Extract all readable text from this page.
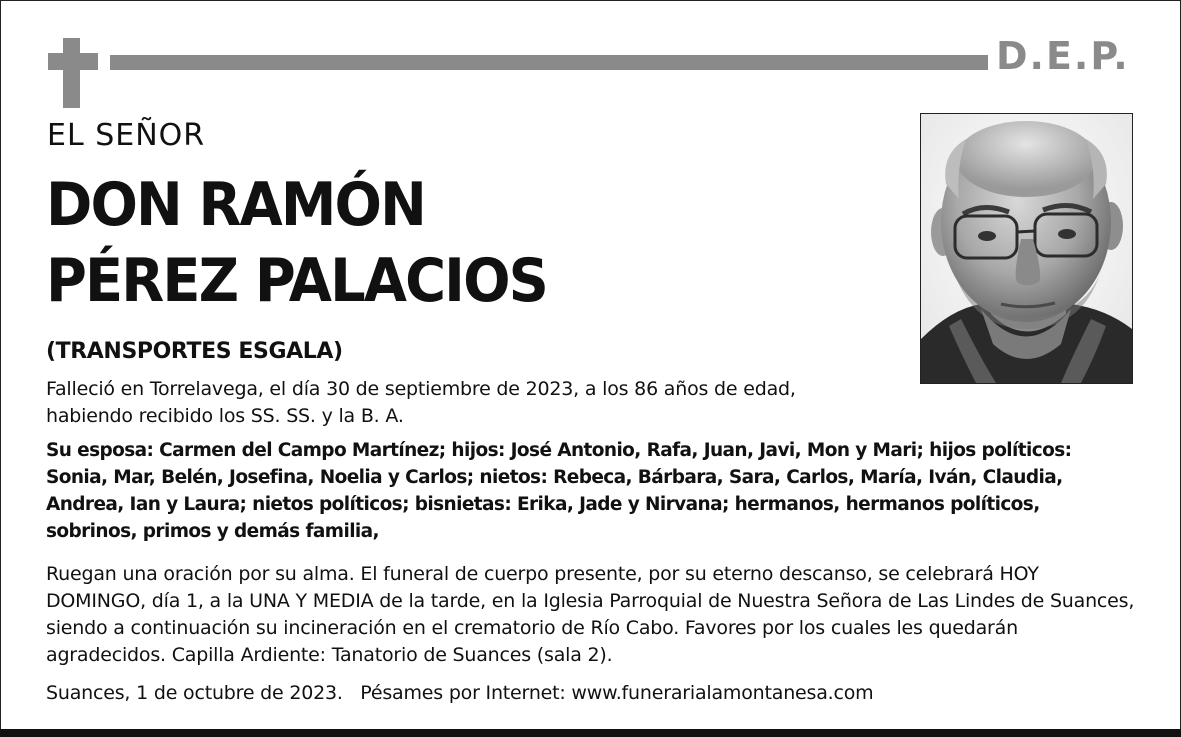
D.E.P.
EL SEÑOR
DON RAMÓN
PÉREZ PALACIOS
(TRANSPORTES ESGALA)
Falleció en Torrelavega, el día 30 de septiembre de 2023, a los 86 años de edad, habiendo recibido los SS. SS. y la B. A.
Su esposa: Carmen del Campo Martínez; hijos: José Antonio, Rafa, Juan, Javi, Mon y Mari; hijos políticos: Sonia, Mar, Belén, Josefina, Noelia y Carlos; nietos: Rebeca, Bárbara, Sara, Carlos, María, Iván, Claudia, Andrea, Ian y Laura; nietos políticos; bisnietas: Erika, Jade y Nirvana; hermanos, hermanos políticos, sobrinos, primos y demás familia,
Ruegan una oración por su alma. El funeral de cuerpo presente, por su eterno descanso, se celebrará HOY DOMINGO, día 1, a la UNA Y MEDIA de la tarde, en la Iglesia Parroquial de Nuestra Señora de Las Lindes de Suances, siendo a continuación su incineración en el crematorio de Río Cabo. Favores por los cuales les quedarán agradecidos. Capilla Ardiente: Tanatorio de Suances (sala 2).
Suances, 1 de octubre de 2023.   Pésames por Internet: www.funerarialamontanesa.com
